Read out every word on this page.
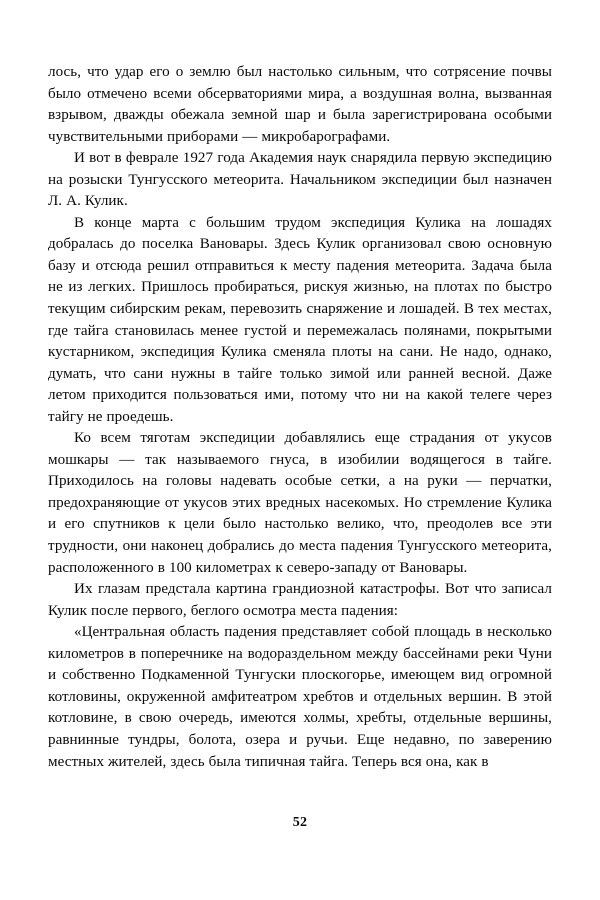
лось, что удар его о землю был настолько сильным, что сотрясение почвы было отмечено всеми обсерваториями мира, а воздушная волна, вызванная взрывом, дважды обежала земной шар и была зарегистрирована особыми чувствительными приборами — микробарографами.

И вот в феврале 1927 года Академия наук снарядила первую экспедицию на розыски Тунгусского метеорита. Начальником экспедиции был назначен Л. А. Кулик.

В конце марта с большим трудом экспедиция Кулика на лошадях добралась до поселка Вановары. Здесь Кулик организовал свою основную базу и отсюда решил отправиться к месту падения метеорита. Задача была не из легких. Пришлось пробираться, рискуя жизнью, на плотах по быстро текущим сибирским рекам, перевозить снаряжение и лошадей. В тех местах, где тайга становилась менее густой и перемежалась полянами, покрытыми кустарником, экспедиция Кулика сменяла плоты на сани. Не надо, однако, думать, что сани нужны в тайге только зимой или ранней весной. Даже летом приходится пользоваться ими, потому что ни на какой телеге через тайгу не проедешь.

Ко всем тяготам экспедиции добавлялись еще страдания от укусов мошкары — так называемого гнуса, в изобилии водящегося в тайге. Приходилось на головы надевать особые сетки, а на руки — перчатки, предохраняющие от укусов этих вредных насекомых. Но стремление Кулика и его спутников к цели было настолько велико, что, преодолев все эти трудности, они наконец добрались до места падения Тунгусского метеорита, расположенного в 100 километрах к северо-западу от Вановары.

Их глазам предстала картина грандиозной катастрофы. Вот что записал Кулик после первого, беглого осмотра места падения:

«Центральная область падения представляет собой площадь в несколько километров в поперечнике на водораздельном между бассейнами реки Чуни и собственно Подкаменной Тунгуски плоскогорье, имеющем вид огромной котловины, окруженной амфитеатром хребтов и отдельных вершин. В этой котловине, в свою очередь, имеются холмы, хребты, отдельные вершины, равнинные тундры, болота, озера и ручьи. Еще недавно, по заверению местных жителей, здесь была типичная тайга. Теперь вся она, как в

52
